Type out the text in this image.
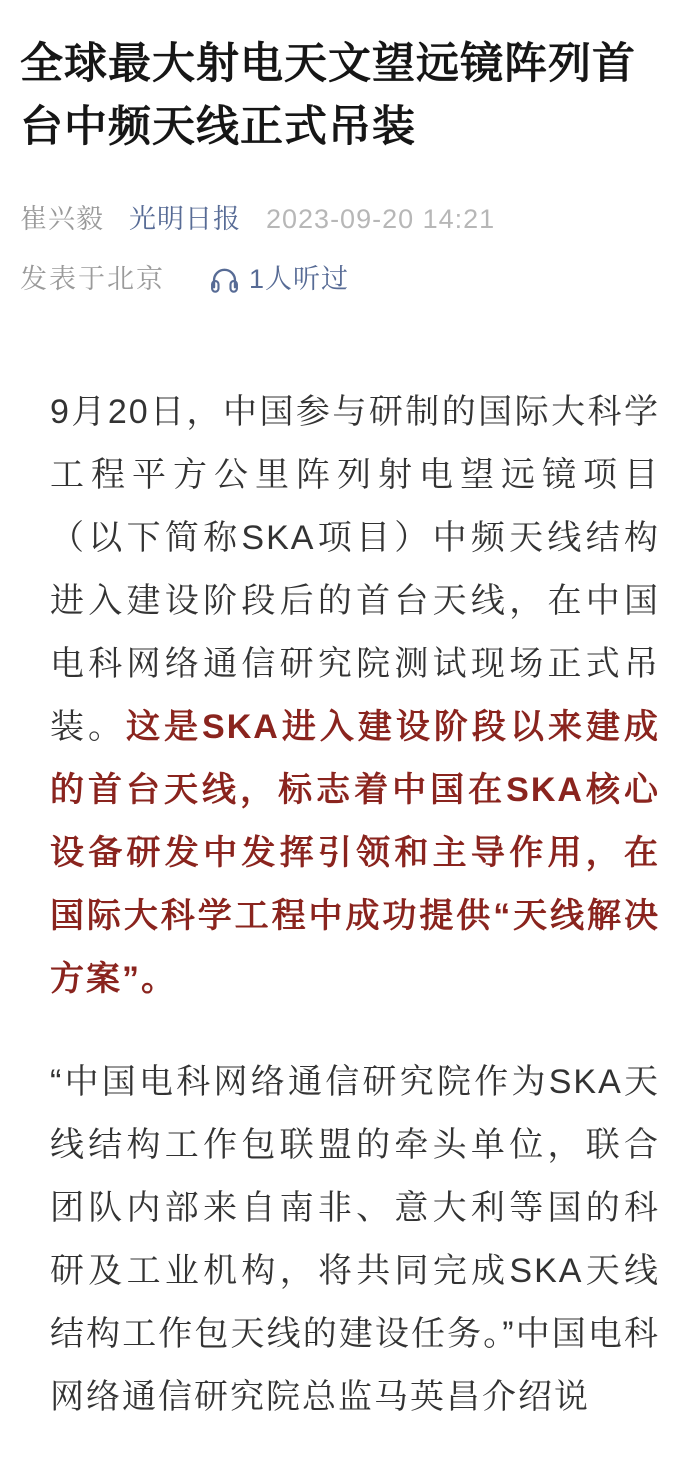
全球最大射电天文望远镜阵列首台中频天线正式吊装
崔兴毅 光明日报 2023-09-20 14:21
发表于北京	1人听过

9月20日，中国参与研制的国际大科学工程平方公里阵列射电望远镜项目（以下简称SKA项目）中频天线结构进入建设阶段后的首台天线，在中国电科网络通信研究院测试现场正式吊装。这是SKA进入建设阶段以来建成的首台天线，标志着中国在SKA核心设备研发中发挥引领和主导作用，在国际大科学工程中成功提供“天线解决方案”。

“中国电科网络通信研究院作为SKA天线结构工作包联盟的牵头单位，联合团队内部来自南非、意大利等国的科研及工业机构，将共同完成SKA天线结构工作包天线的建设任务。”中国电科网络通信研究院总监马英昌介绍说
